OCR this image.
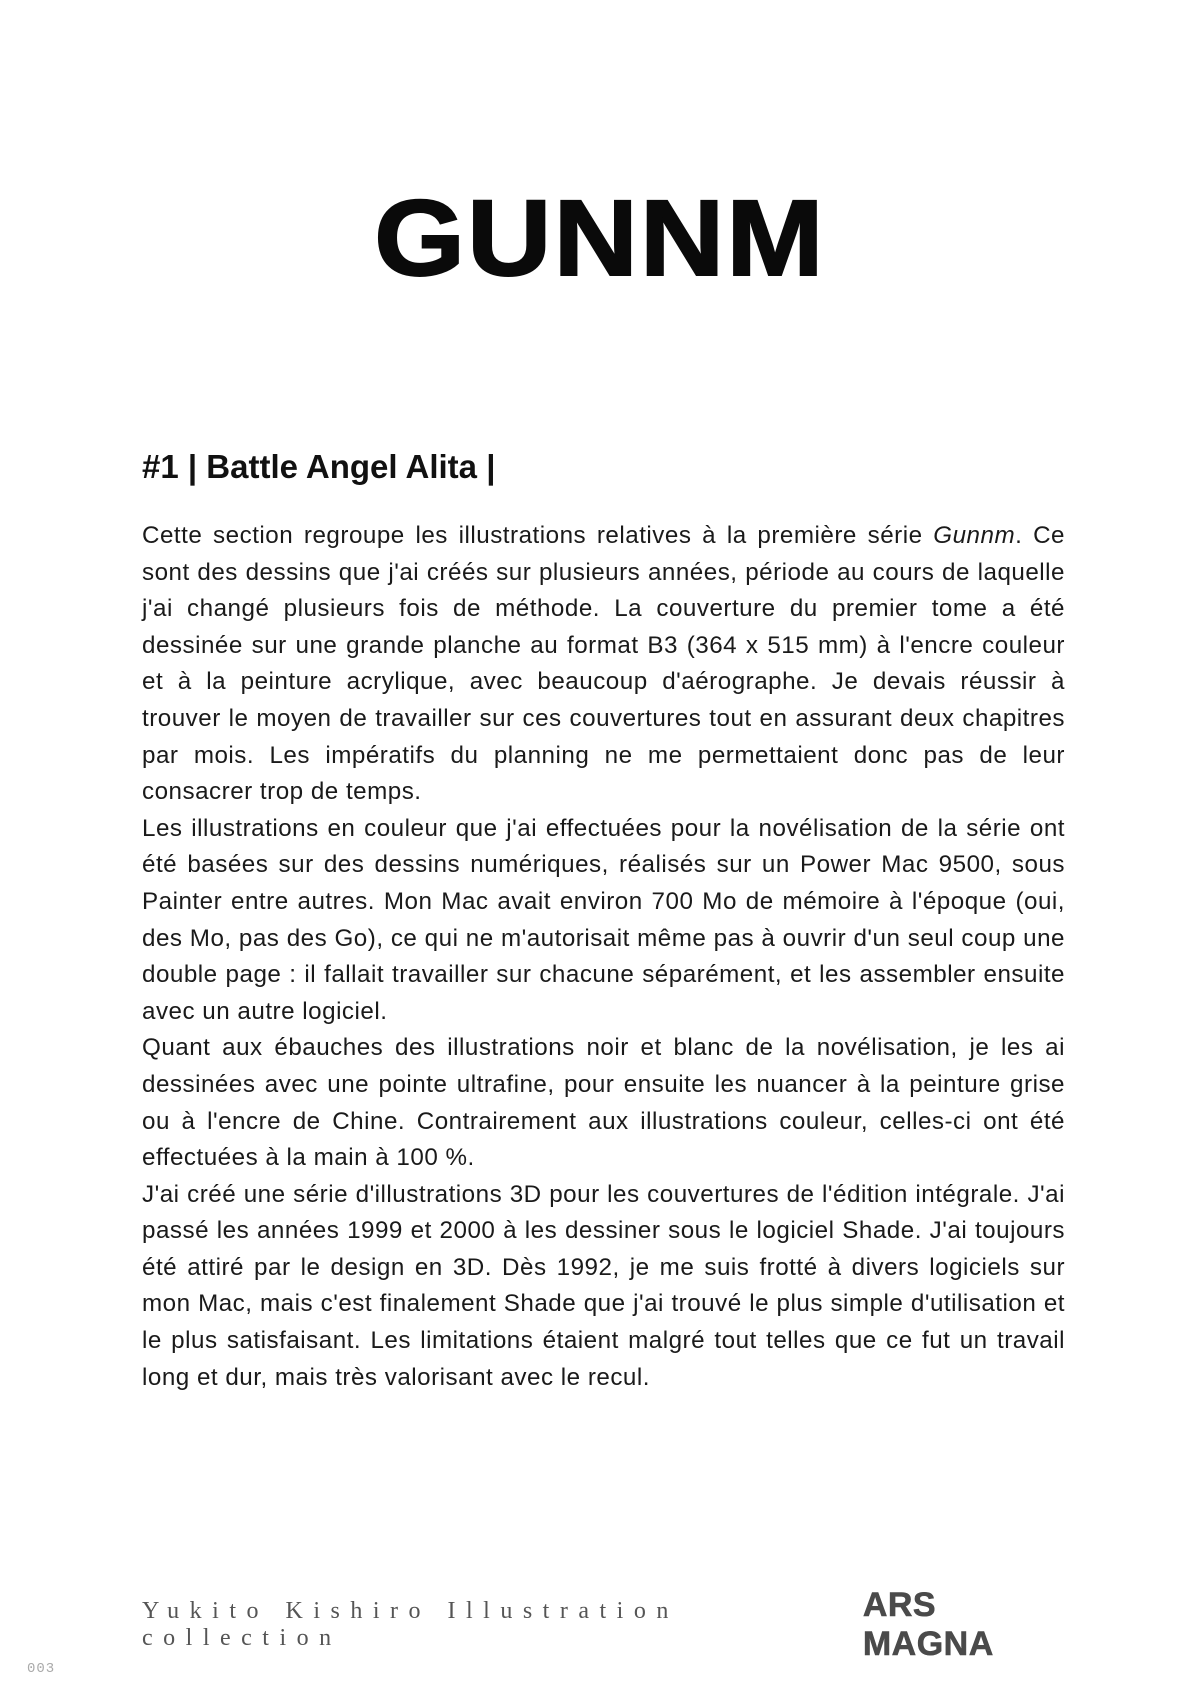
GUNNM
#1 | Battle Angel Alita |

Cette section regroupe les illustrations relatives à la première série Gunnm. Ce sont des dessins que j'ai créés sur plusieurs années, période au cours de laquelle j'ai changé plusieurs fois de méthode. La couverture du premier tome a été dessinée sur une grande planche au format B3 (364 x 515 mm) à l'encre couleur et à la peinture acrylique, avec beaucoup d'aérographe. Je devais réussir à trouver le moyen de travailler sur ces couvertures tout en assurant deux chapitres par mois. Les impératifs du planning ne me permettaient donc pas de leur consacrer trop de temps.

Les illustrations en couleur que j'ai effectuées pour la novélisation de la série ont été basées sur des dessins numériques, réalisés sur un Power Mac 9500, sous Painter entre autres. Mon Mac avait environ 700 Mo de mémoire à l'époque (oui, des Mo, pas des Go), ce qui ne m'autorisait même pas à ouvrir d'un seul coup une double page : il fallait travailler sur chacune séparément, et les assembler ensuite avec un autre logiciel.

Quant aux ébauches des illustrations noir et blanc de la novélisation, je les ai dessinées avec une pointe ultrafine, pour ensuite les nuancer à la peinture grise ou à l'encre de Chine. Contrairement aux illustrations couleur, celles-ci ont été effectuées à la main à 100 %.

J'ai créé une série d'illustrations 3D pour les couvertures de l'édition intégrale. J'ai passé les années 1999 et 2000 à les dessiner sous le logiciel Shade. J'ai toujours été attiré par le design en 3D. Dès 1992, je me suis frotté à divers logiciels sur mon Mac, mais c'est finalement Shade que j'ai trouvé le plus simple d'utilisation et le plus satisfaisant. Les limitations étaient malgré tout telles que ce fut un travail long et dur, mais très valorisant avec le recul.

Yukito Kishiro Illustration collection
ARS MAGNA
003
